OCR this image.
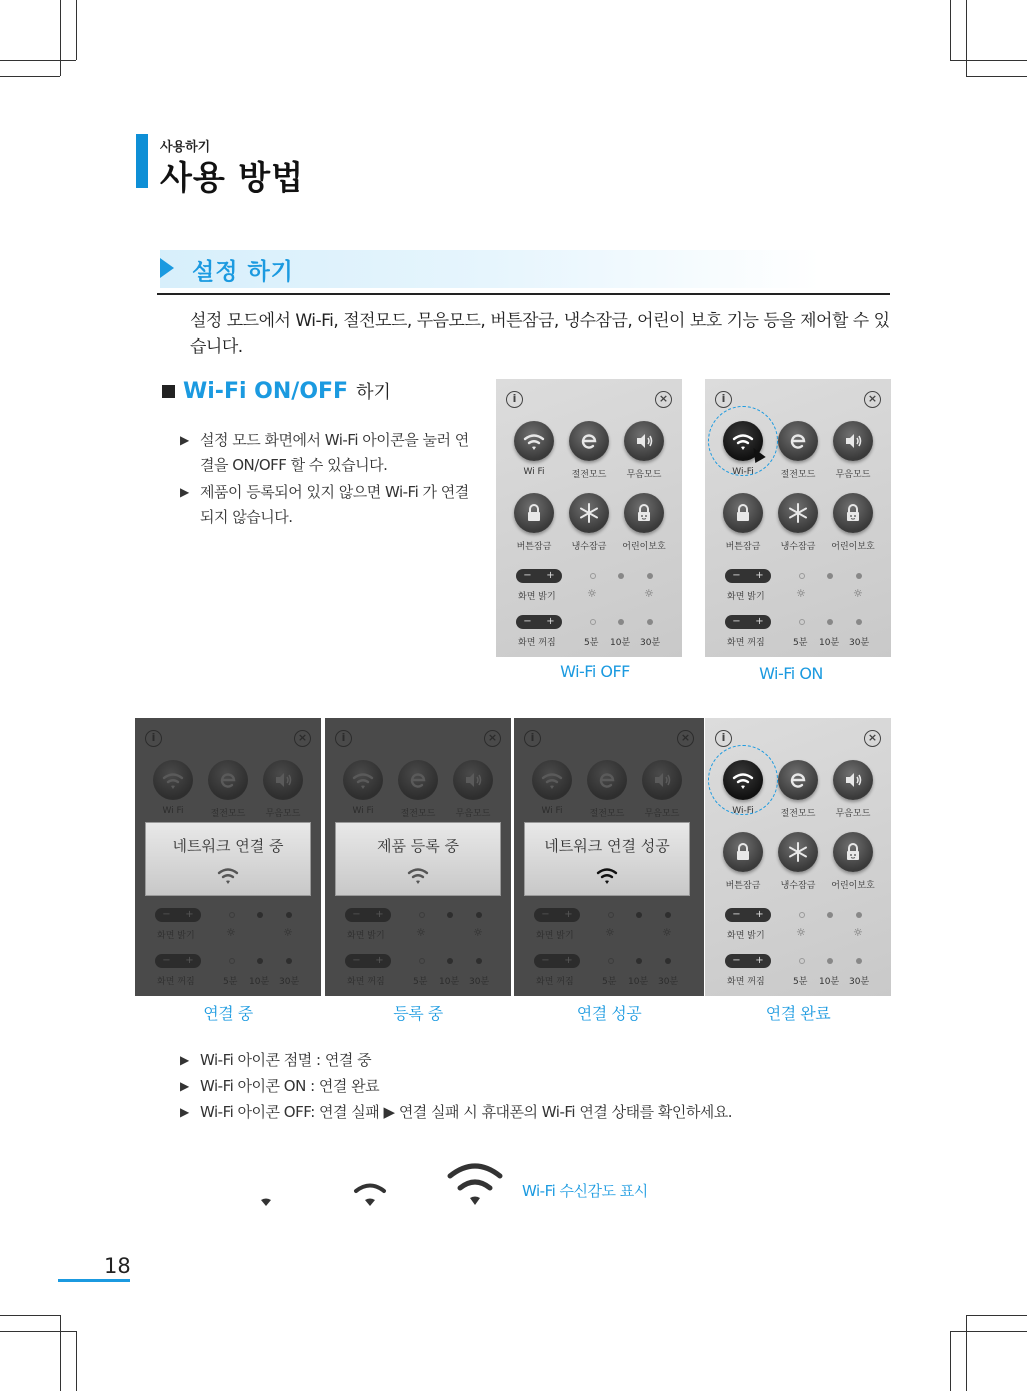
사용하기
사용 방법
설정 하기
설정 모드에서 Wi-Fi, 절전모드, 무음모드, 버튼잠금, 냉수잠금, 어린이 보호 기능 등을 제어할 수 있습니다.
Wi-Fi ON/OFF 하기
▶ 설정 모드 화면에서 Wi-Fi 아이콘을 눌러 연결을 ON/OFF 할 수 있습니다.
▶ 제품이 등록되어 있지 않으면 Wi-Fi 가 연결되지 않습니다.
i	×
Wi Fi	절전모드	무음모드
버튼잠금	냉수잠금	어린이보호
− +
화면 밝기	☼	☼
− +
화면 꺼짐	5분 10분 30분
i	×
Wi-Fi	절전모드	무음모드
버튼잠금	냉수잠금	어린이보호
− +
화면 밝기	☼	☼
− +
화면 꺼짐	5분 10분 30분
i	×
Wi Fi	절전모드	무음모드
네트워크 연결 중
− +
화면 밝기	☼	☼
− +
화면 꺼짐	5분 10분 30분
i	×
Wi Fi	절전모드	무음모드
제품 등록 중
− +
화면 밝기	☼	☼
− +
화면 꺼짐	5분 10분 30분
i	×
Wi Fi	절전모드	무음모드
네트워크 연결 성공
− +
화면 밝기	☼	☼
− +
화면 꺼짐	5분 10분 30분
i	×
Wi-Fi	절전모드	무음모드
버튼잠금	냉수잠금	어린이보호
− +
화면 밝기	☼	☼
− +
화면 꺼짐	5분 10분 30분
Wi-Fi OFF	Wi-Fi ON
연결 중	등록 중	연결 성공	연결 완료
▶ Wi-Fi 아이콘 점멸 : 연결 중
▶ Wi-Fi 아이콘 ON : 연결 완료
▶ Wi-Fi 아이콘 OFF: 연결 실패 ▶ 연결 실패 시 휴대폰의 Wi-Fi 연결 상태를 확인하세요.
Wi-Fi 수신감도 표시
18
